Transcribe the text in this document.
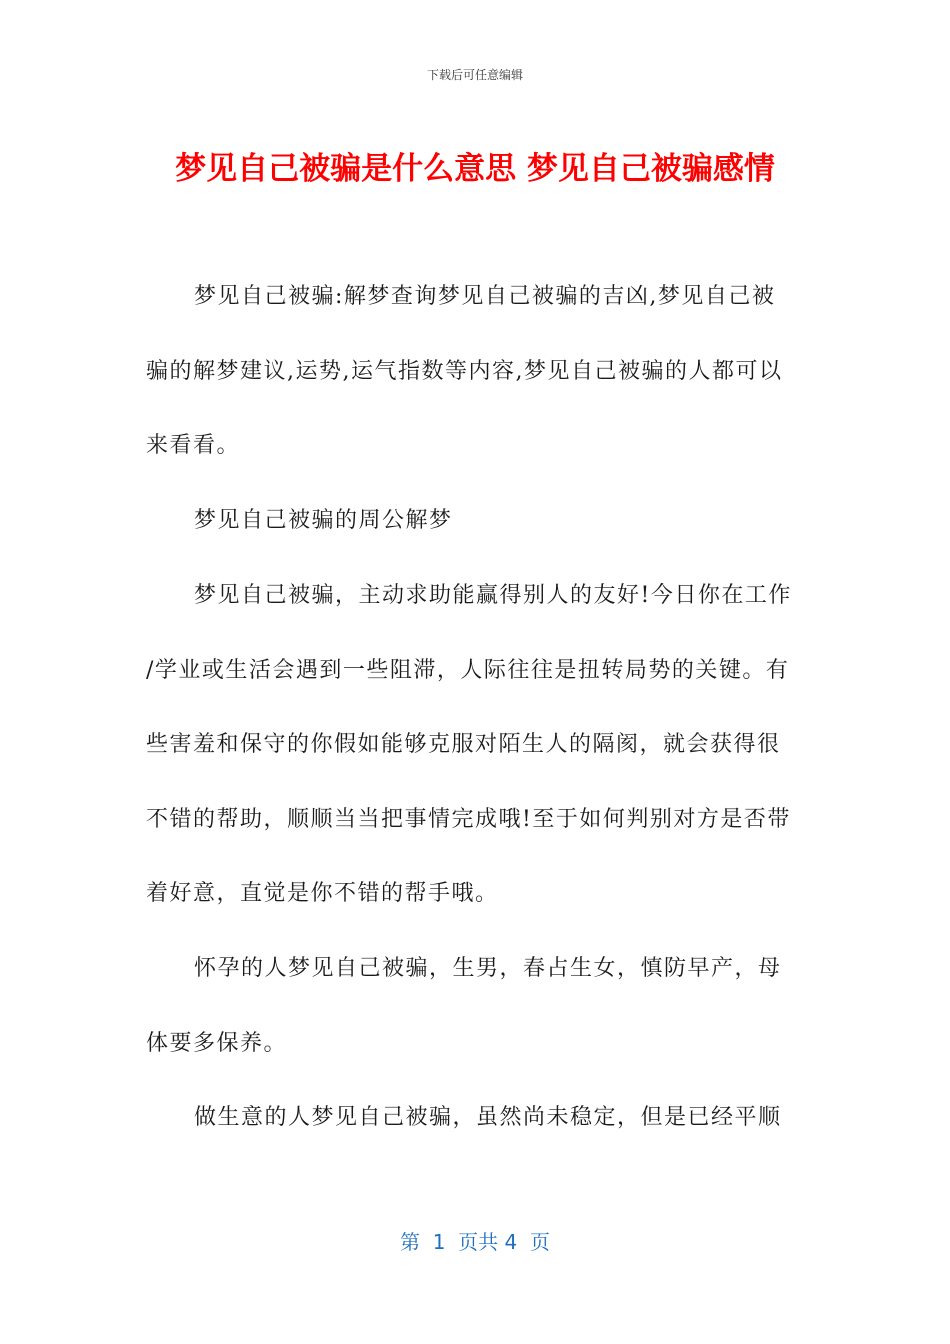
下载后可任意编辑
梦见自己被骗是什么意思 梦见自己被骗感情

梦见自己被骗:解梦查询梦见自己被骗的吉凶,梦见自己被

骗的解梦建议,运势,运气指数等内容,梦见自己被骗的人都可以

来看看。

梦见自己被骗的周公解梦

梦见自己被骗，主动求助能赢得别人的友好!今日你在工作

/学业或生活会遇到一些阻滞，人际往往是扭转局势的关键。有

些害羞和保守的你假如能够克服对陌生人的隔阂，就会获得很

不错的帮助，顺顺当当把事情完成哦!至于如何判别对方是否带

着好意，直觉是你不错的帮手哦。

怀孕的人梦见自己被骗，生男，春占生女，慎防早产，母

体要多保养。

做生意的人梦见自己被骗，虽然尚未稳定，但是已经平顺

第  1  页共 4  页
